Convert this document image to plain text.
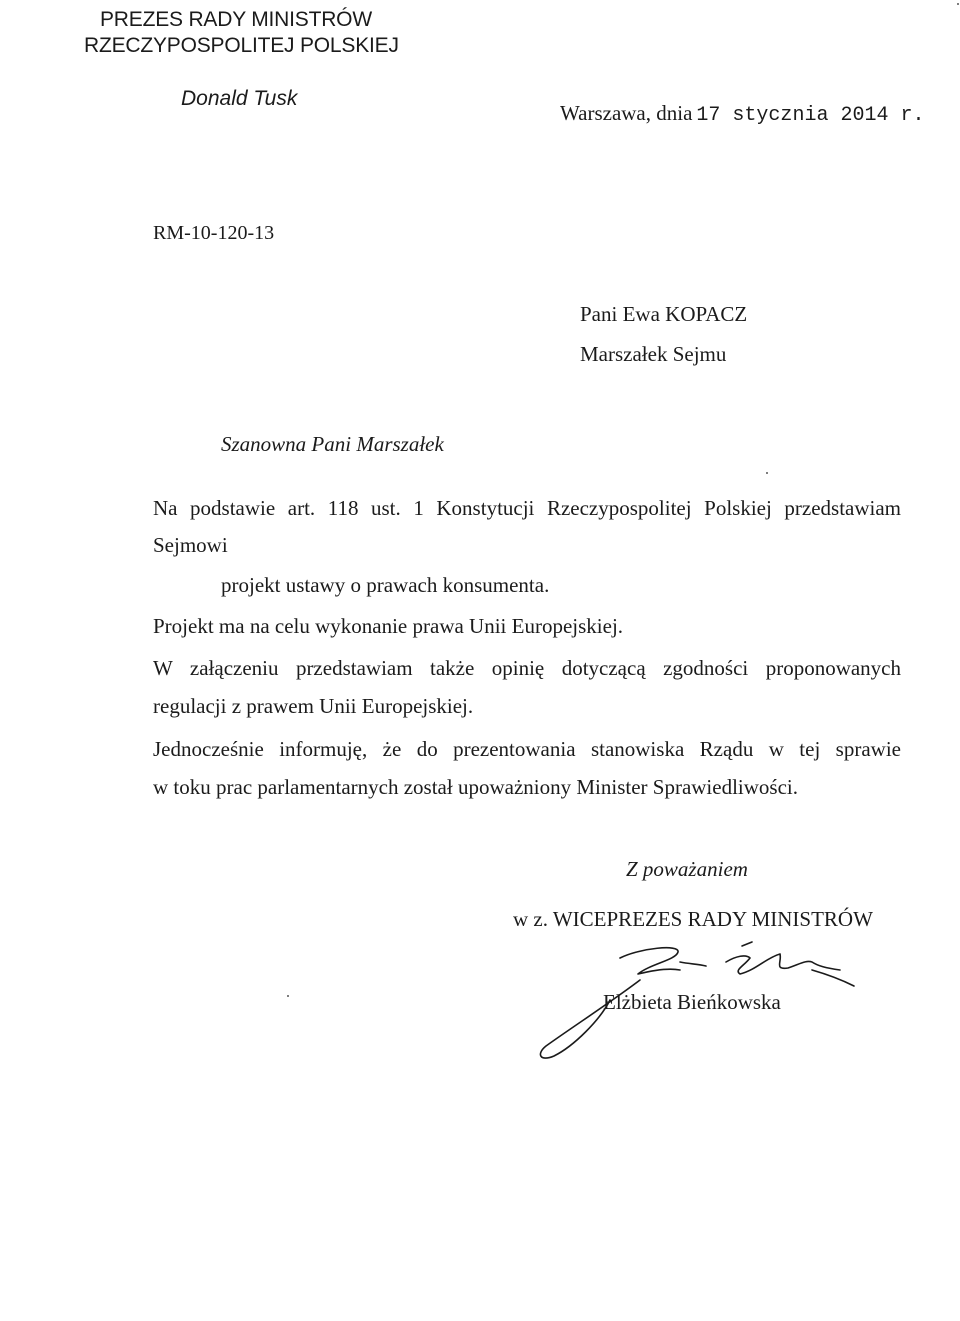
PREZES RADY MINISTRÓW
RZECZYPOSPOLITEJ POLSKIEJ
Donald Tusk
Warszawa, dnia 17 stycznia 2014 r.
RM-10-120-13
Pani Ewa KOPACZ
Marszałek Sejmu
Szanowna Pani Marszałek
Na podstawie art. 118 ust. 1 Konstytucji Rzeczypospolitej Polskiej przedstawiam
Sejmowi
projekt ustawy o prawach konsumenta.
Projekt ma na celu wykonanie prawa Unii Europejskiej.
W załączeniu przedstawiam także opinię dotyczącą zgodności proponowanych
regulacji z prawem Unii Europejskiej.
Jednocześnie informuję, że do prezentowania stanowiska Rządu w tej sprawie
w toku prac parlamentarnych został upoważniony Minister Sprawiedliwości.
Z poważaniem
w z. WICEPREZES RADY MINISTRÓW
Elżbieta Bieńkowska
